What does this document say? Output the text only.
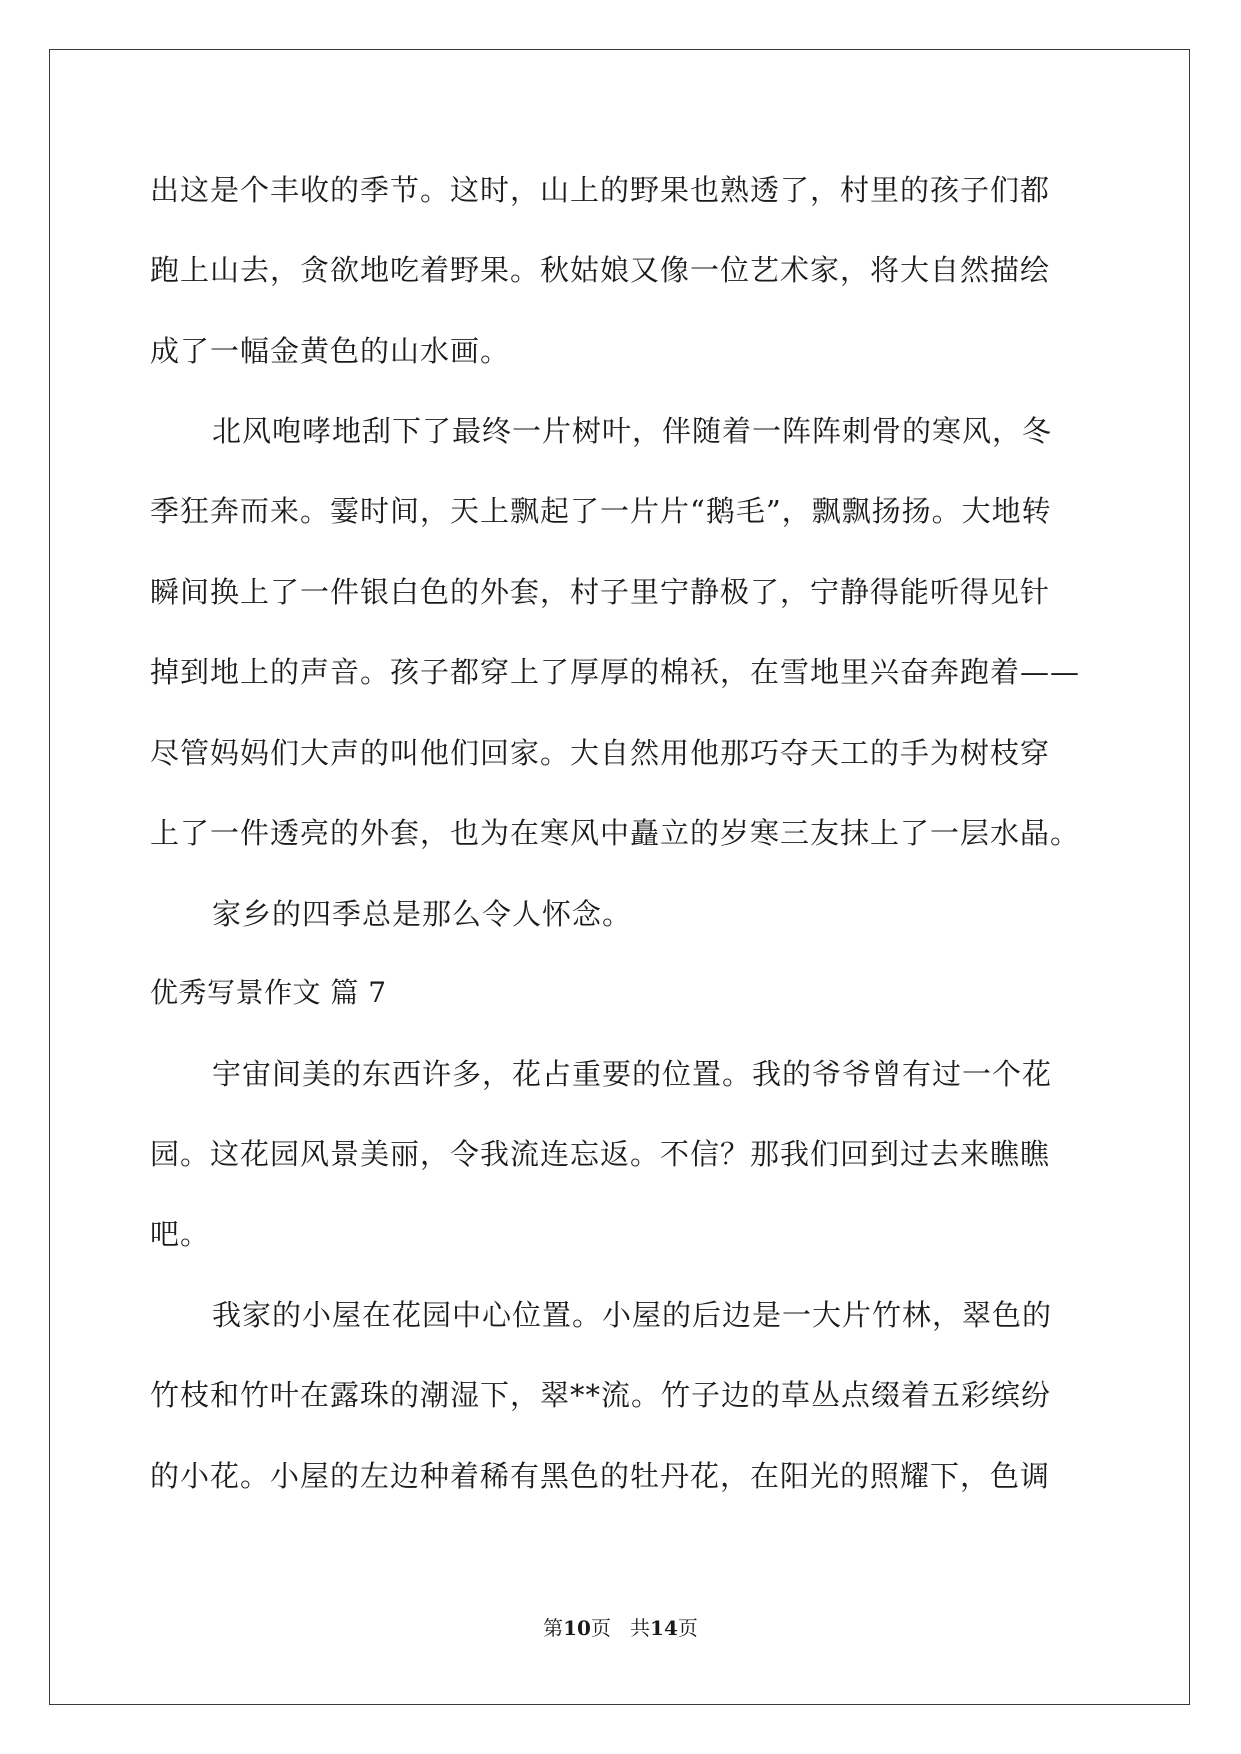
出这是个丰收的季节。这时，山上的野果也熟透了，村里的孩子们都
跑上山去，贪欲地吃着野果。秋姑娘又像一位艺术家，将大自然描绘
成了一幅金黄色的山水画。
北风咆哮地刮下了最终一片树叶，伴随着一阵阵刺骨的寒风，冬
季狂奔而来。霎时间，天上飘起了一片片“鹅毛”，飘飘扬扬。大地转
瞬间换上了一件银白色的外套，村子里宁静极了，宁静得能听得见针
掉到地上的声音。孩子都穿上了厚厚的棉袄，在雪地里兴奋奔跑着——
尽管妈妈们大声的叫他们回家。大自然用他那巧夺天工的手为树枝穿
上了一件透亮的外套，也为在寒风中矗立的岁寒三友抹上了一层水晶。
家乡的四季总是那么令人怀念。
优秀写景作文 篇 7
宇宙间美的东西许多，花占重要的位置。我的爷爷曾有过一个花
园。这花园风景美丽，令我流连忘返。不信？那我们回到过去来瞧瞧
吧。
我家的小屋在花园中心位置。小屋的后边是一大片竹林，翠色的
竹枝和竹叶在露珠的潮湿下，翠**流。竹子边的草丛点缀着五彩缤纷
的小花。小屋的左边种着稀有黑色的牡丹花，在阳光的照耀下，色调
第10页   共14页
